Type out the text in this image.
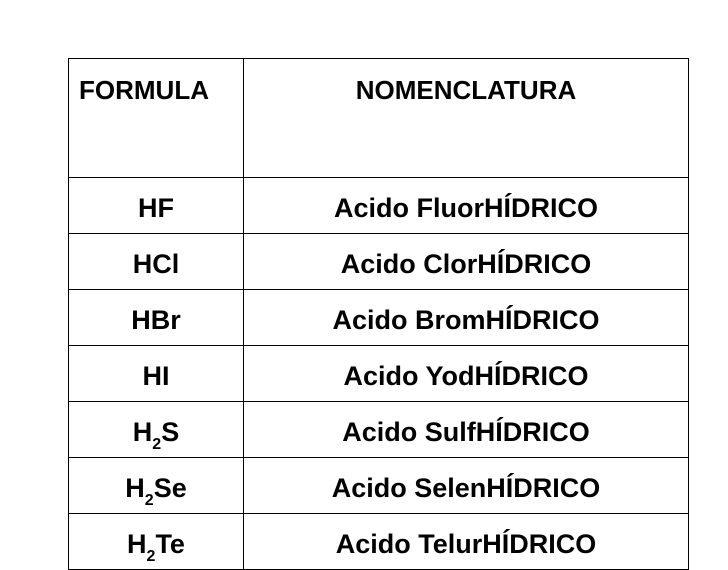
FORMULA	NOMENCLATURA
HF	Acido FluorHÍDRICO
HCl	Acido ClorHÍDRICO
HBr	Acido BromHÍDRICO
HI	Acido YodHÍDRICO
$H_2S$	Acido SulfHÍDRICO
$H_2Se$	Acido SelenHÍDRICO
$H_2Te$	Acido TelurHÍDRICO
